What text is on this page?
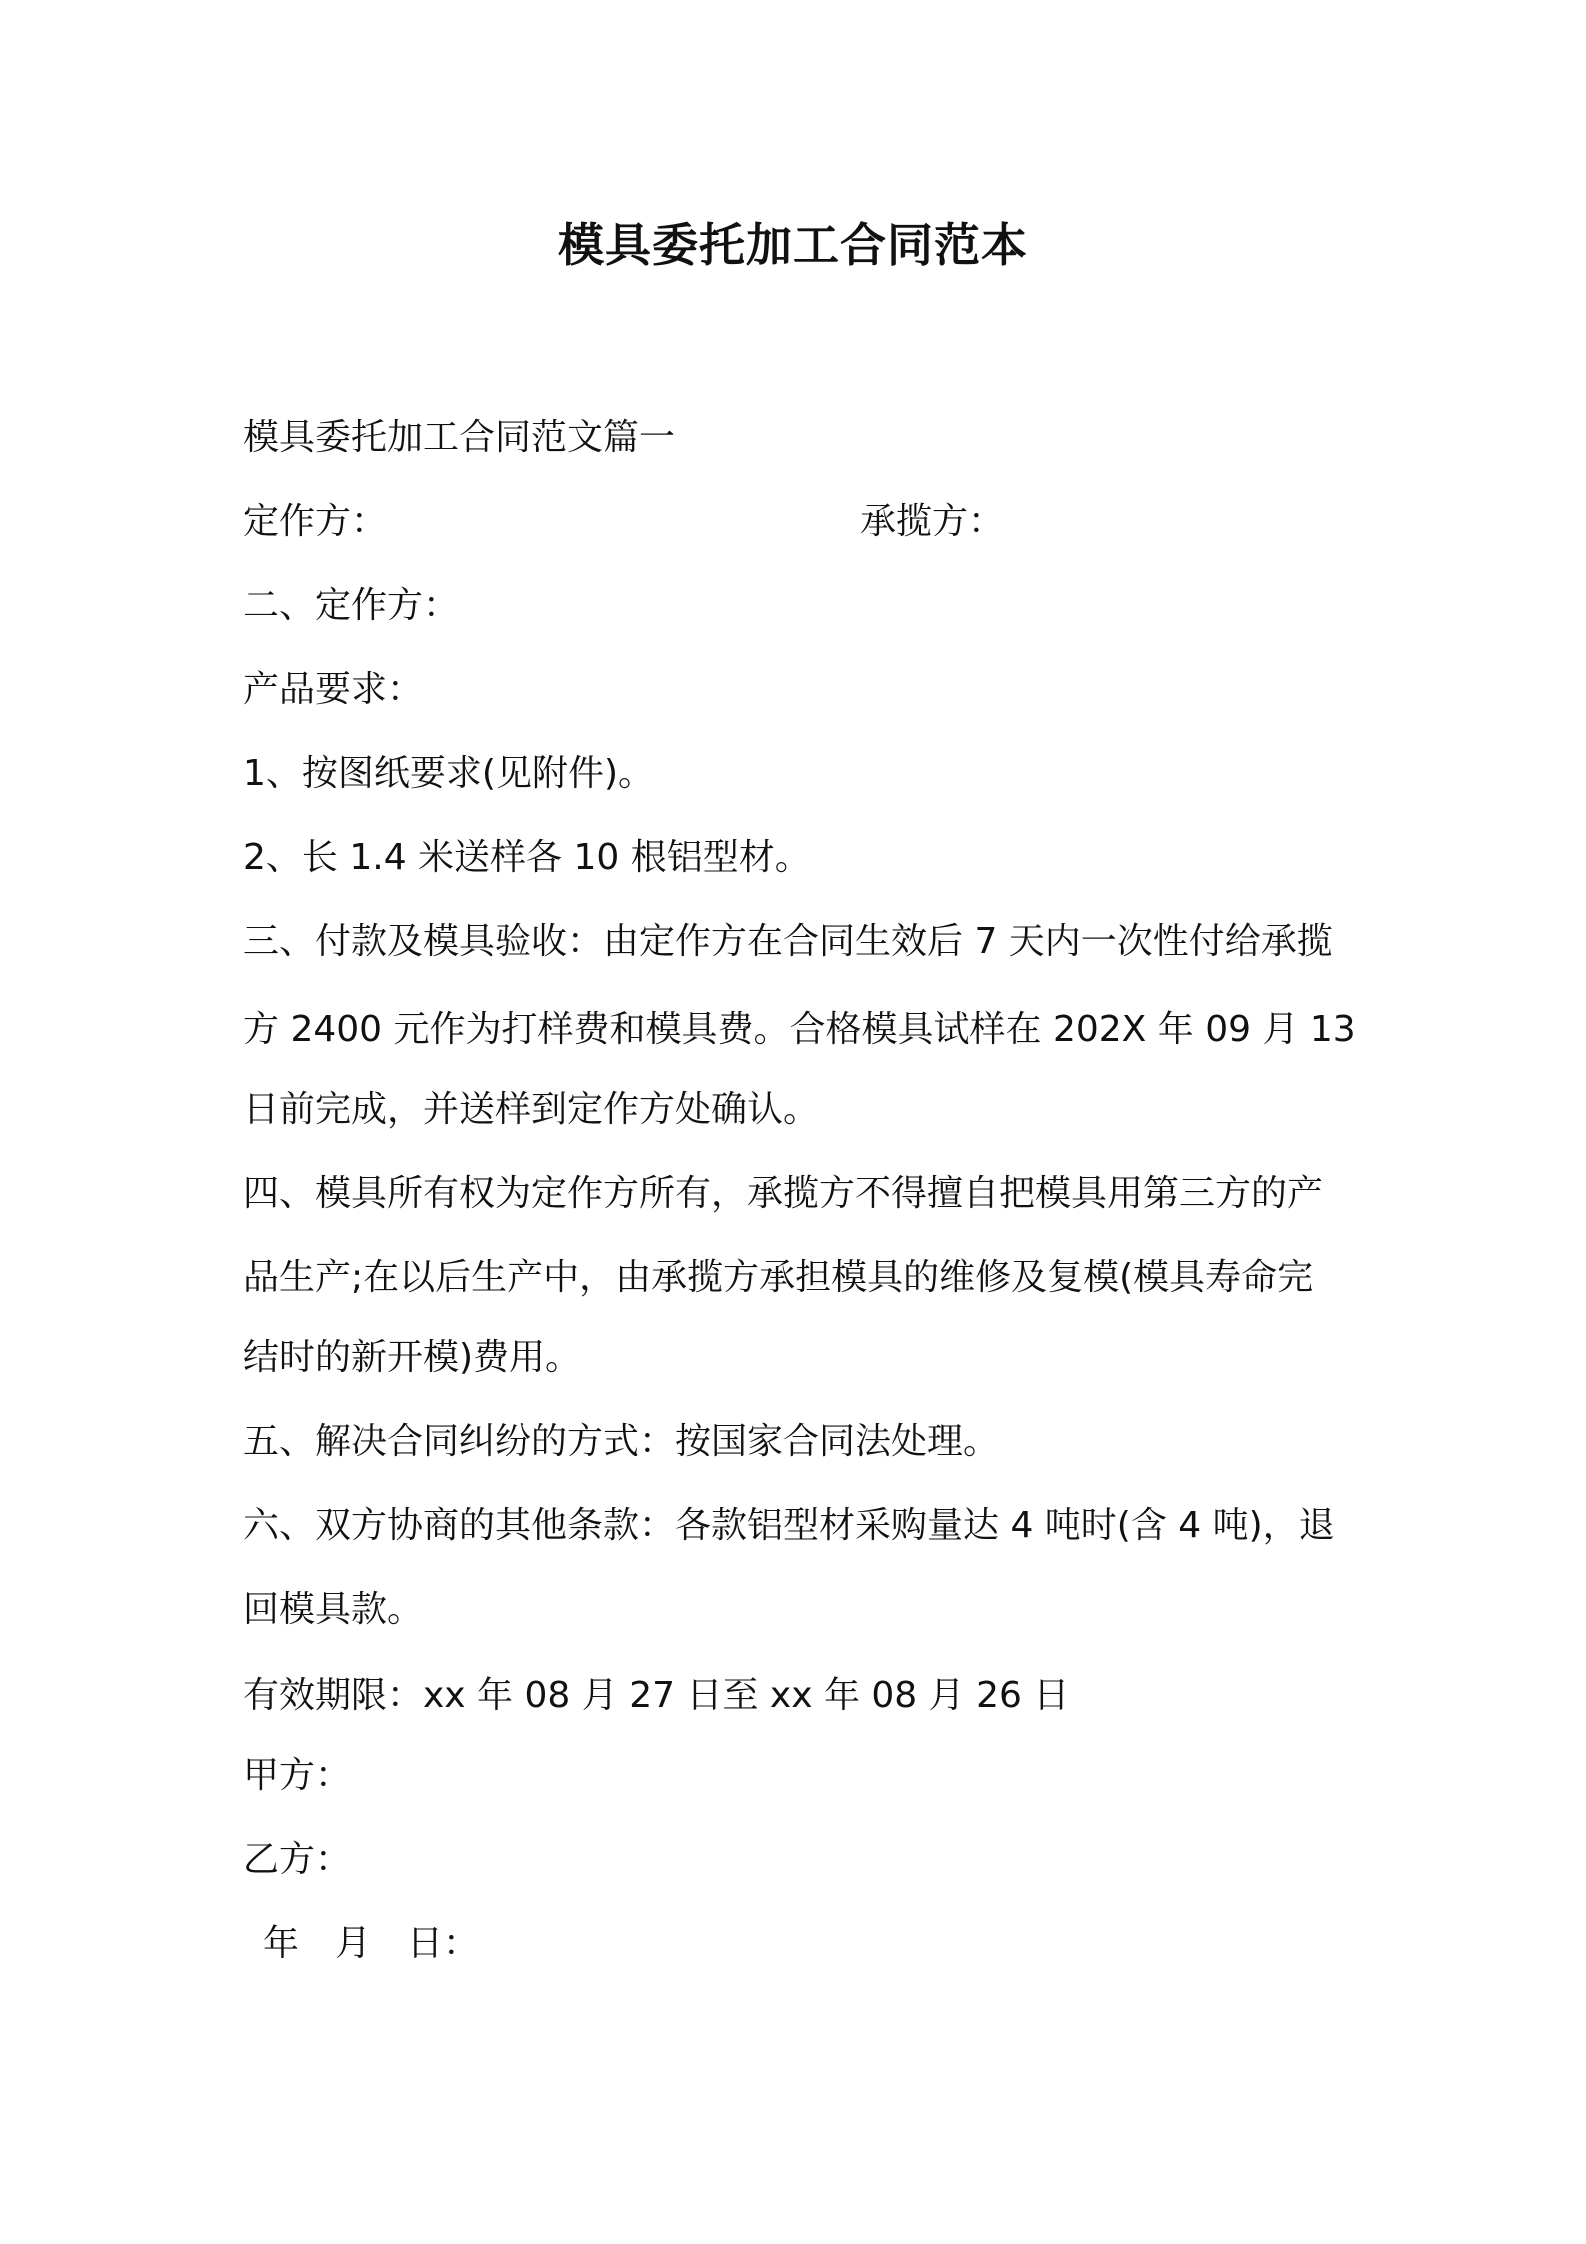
模具委托加工合同范本
模具委托加工合同范文篇一
定作方：	承揽方：
二、定作方：
产品要求：
1、按图纸要求(见附件)。
2、长 1.4 米送样各 10 根铝型材。
三、付款及模具验收：由定作方在合同生效后 7 天内一次性付给承揽
方 2400 元作为打样费和模具费。合格模具试样在 202X 年 09 月 13
日前完成，并送样到定作方处确认。
四、模具所有权为定作方所有，承揽方不得擅自把模具用第三方的产
品生产;在以后生产中，由承揽方承担模具的维修及复模(模具寿命完
结时的新开模)费用。
五、解决合同纠纷的方式：按国家合同法处理。
六、双方协商的其他条款：各款铝型材采购量达 4 吨时(含 4 吨)，退
回模具款。
有效期限：xx 年 08 月 27 日至 xx 年 08 月 26 日
甲方：
乙方：
年　月　日：
